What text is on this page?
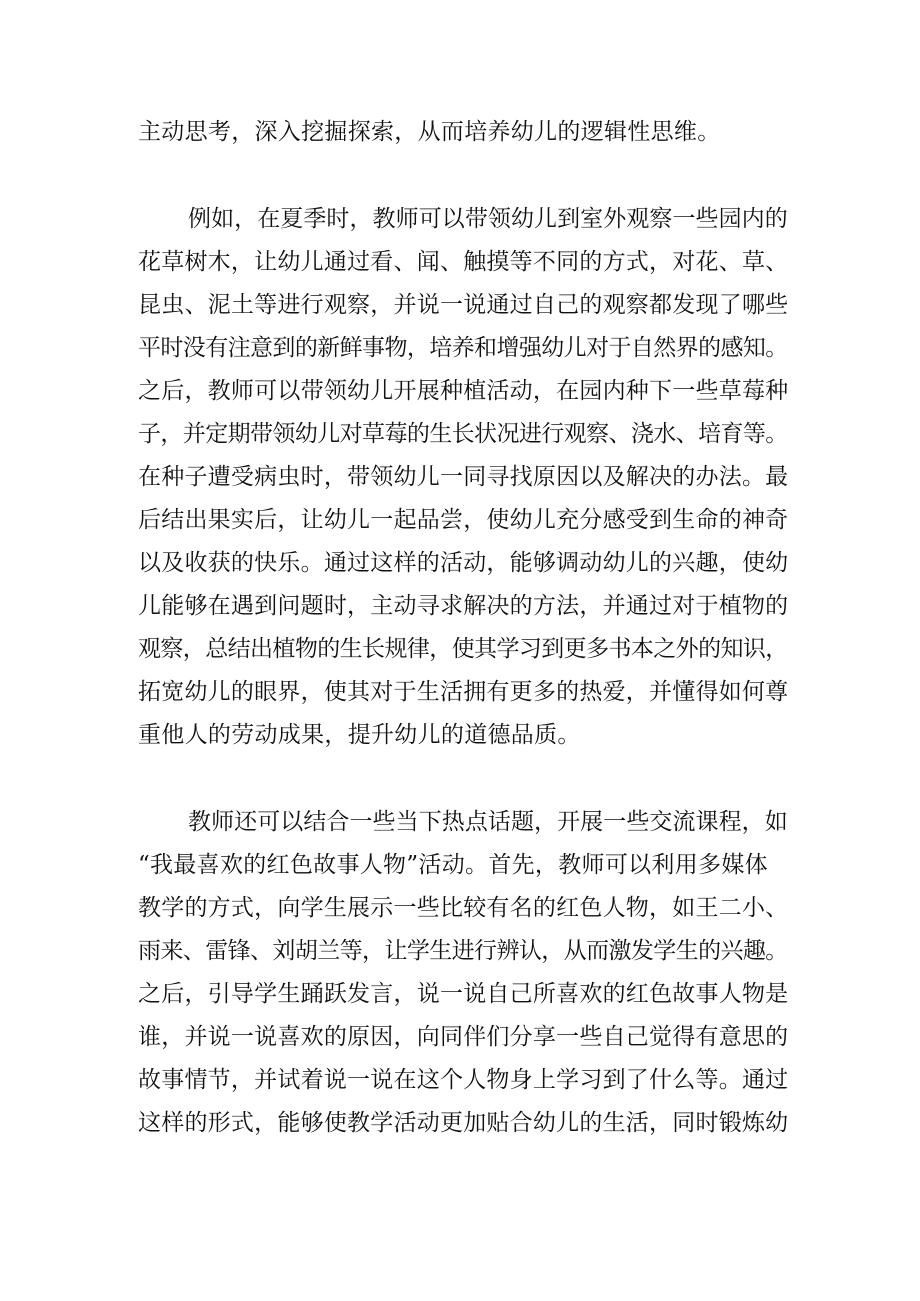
主动思考，深入挖掘探索，从而培养幼儿的逻辑性思维。
例如，在夏季时，教师可以带领幼儿到室外观察一些园内的
花草树木，让幼儿通过看、闻、触摸等不同的方式，对花、草、
昆虫、泥土等进行观察，并说一说通过自己的观察都发现了哪些
平时没有注意到的新鲜事物，培养和增强幼儿对于自然界的感知。
之后，教师可以带领幼儿开展种植活动，在园内种下一些草莓种
子，并定期带领幼儿对草莓的生长状况进行观察、浇水、培育等。
在种子遭受病虫时，带领幼儿一同寻找原因以及解决的办法。最
后结出果实后，让幼儿一起品尝，使幼儿充分感受到生命的神奇
以及收获的快乐。通过这样的活动，能够调动幼儿的兴趣，使幼
儿能够在遇到问题时，主动寻求解决的方法，并通过对于植物的
观察，总结出植物的生长规律，使其学习到更多书本之外的知识，
拓宽幼儿的眼界，使其对于生活拥有更多的热爱，并懂得如何尊
重他人的劳动成果，提升幼儿的道德品质。
教师还可以结合一些当下热点话题，开展一些交流课程，如
“我最喜欢的红色故事人物”活动。首先，教师可以利用多媒体
教学的方式，向学生展示一些比较有名的红色人物，如王二小、
雨来、雷锋、刘胡兰等，让学生进行辨认，从而激发学生的兴趣。
之后，引导学生踊跃发言，说一说自己所喜欢的红色故事人物是
谁，并说一说喜欢的原因，向同伴们分享一些自己觉得有意思的
故事情节，并试着说一说在这个人物身上学习到了什么等。通过
这样的形式，能够使教学活动更加贴合幼儿的生活，同时锻炼幼
